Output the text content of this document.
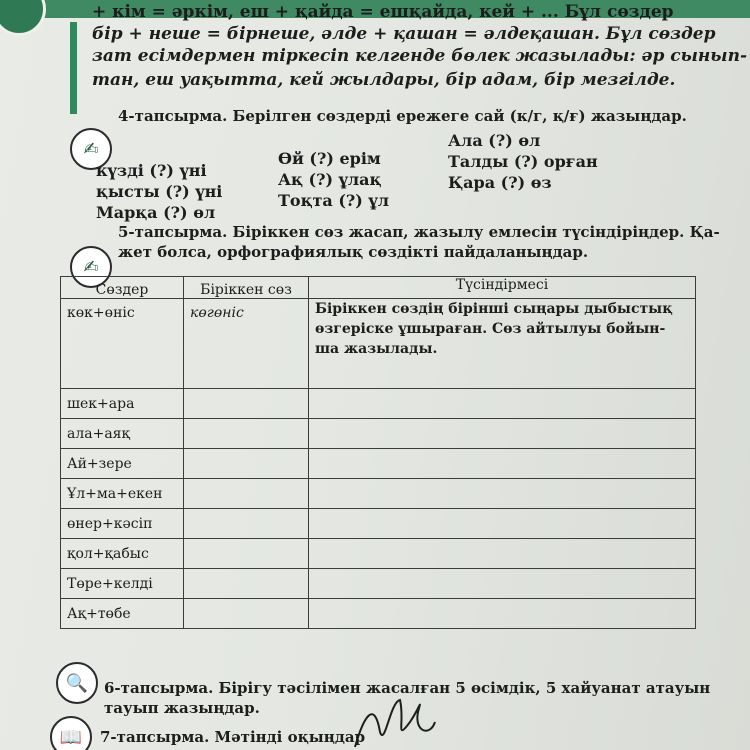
+ кім = әркім, еш + қайда = ешқайда, кей + ... Бұл сөздер

бір + неше = бірнеше, әлде + қашан = әлдеқашан. Бұл сөздер

зат есімдермен тіркесіп келгенде бөлек жазылады: әр сынып-

тан, еш уақытта, кей жылдары, бір адам, бір мезгілде.

✍
4-тапсырма. Берілген сөздерді ережеге сай (к/г, қ/ғ) жазыңдар.
күзді (?) үні
қысты (?) үні
Марқа (?) өл
Өй (?) ерім
Ақ (?) ұлақ
Тоқта (?) ұл
Ала (?) өл
Талды (?) орған
Қара (?) өз
✍
5-тапсырма. Біріккен сөз жасап, жазылу емлесін түсіндіріңдер. Қа-
жет болса, орфографиялық сөздікті пайдаланыңдар.
Сөздер	Біріккен сөз	Түсіндірмесі
көк+өніс	көгөніс	Біріккен сөздің бірінші сыңары дыбыстық
өзгеріске ұшыраған. Сөз айтылуы бойын-
ша жазылады.

шек+ара		
ала+аяқ		
Ай+зере		
Ұл+ма+екен		
өнер+кәсіп		
қол+қабыс		
Төре+келді		
Ақ+төбе		
🔍	6-тапсырма. Бірігу тәсілімен жасалған 5 өсімдік, 5 хайуанат атауын
тауып жазыңдар.
📖	7-тапсырма. Мәтінді оқыңдар
